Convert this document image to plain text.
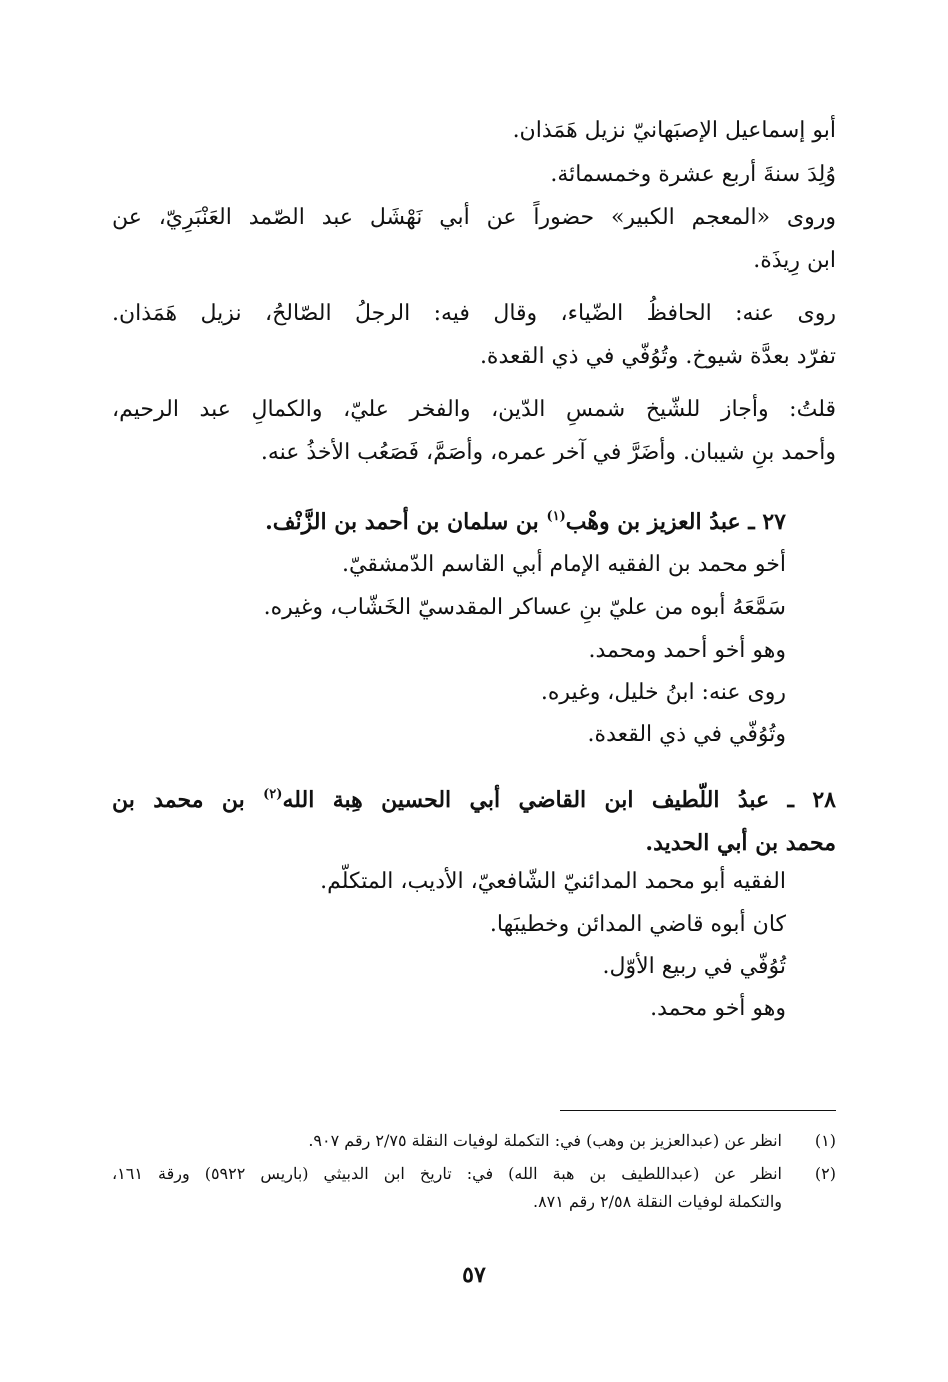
أبو إسماعيل الإصبَهانيّ نزيل هَمَذان.
وُلِدَ سنةَ أربع عشرة وخمسمائة.
وروى «المعجم الكبير» حضوراً عن أبي نَهْشَل عبد الصّمد العَنْبَرِيّ، عن
ابن رِيذَة.
روى عنه: الحافظُ الضّياء، وقال فيه: الرجلُ الصّالحُ، نزيل هَمَذان.
تفرّد بعدَّة شيوخ. وتُوُفّي في ذي القعدة.
قلتُ: وأجاز للشّيخ شمسِ الدّين، والفخر عليّ، والكمالِ عبد الرحيم،
وأحمد بنِ شيبان. وأضَرَّ في آخر عمره، وأصَمَّ، فَصَعُب الأخذُ عنه.
٢٧ ـ عبدُ العزيز بن وهْب$^{(١)}$ بن سلمان بن أحمد بن الزَّنْف.
أخو محمد بن الفقيه الإمام أبي القاسم الدّمشقيّ.
سَمَّعَهُ أبوه من عليّ بنِ عساكر المقدسيّ الخَشّاب، وغيره.
وهو أخو أحمد ومحمد.
روى عنه: ابنُ خليل، وغيره.
وتُوُفّي في ذي القعدة.
٢٨ ـ عبدُ اللّطيف ابن القاضي أبي الحسين هِبة الله$^{(٢)}$ بن محمد بن
محمد بن أبي الحديد.
الفقيه أبو محمد المدائنيّ الشّافعيّ، الأديب، المتكلّم.
كان أبوه قاضي المدائن وخطيبَها.
تُوُفّي في ربيع الأوّل.
وهو أخو محمد.
(١)
انظر عن (عبدالعزيز بن وهب) في: التكملة لوفيات النقلة ٢/٧٥ رقم ٩٠٧.
(٢)
انظر عن (عبداللطيف بن هبة الله) في: تاريخ ابن الدبيثي (باريس ٥٩٢٢) ورقة ١٦١،
والتكملة لوفيات النقلة ٢/٥٨ رقم ٨٧١.
٥٧
